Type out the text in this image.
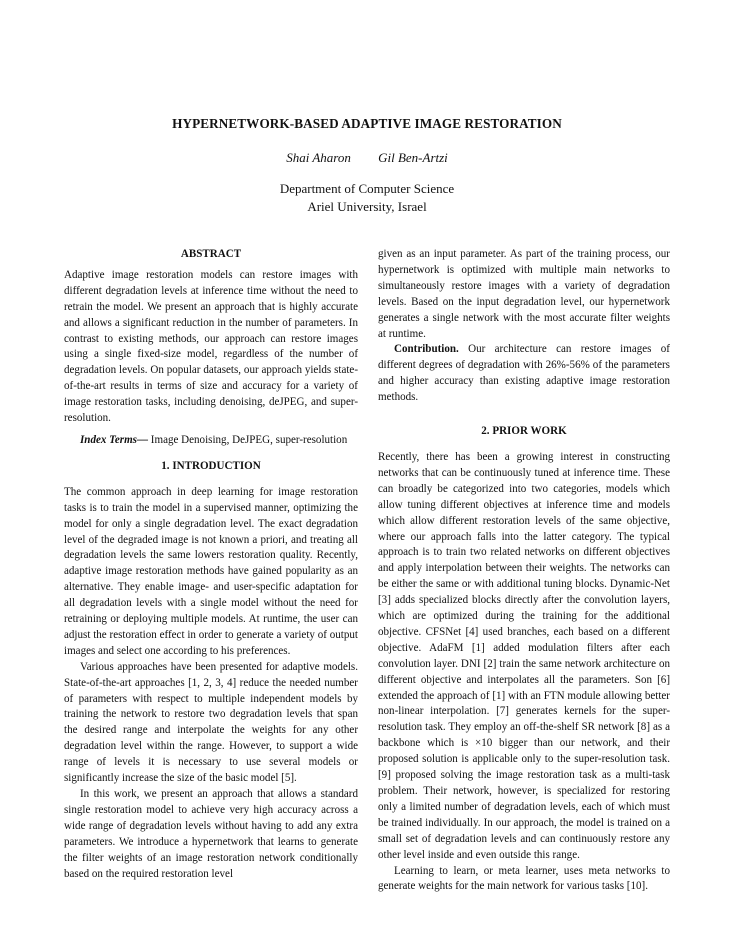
HYPERNETWORK-BASED ADAPTIVE IMAGE RESTORATION
Shai Aharon Gil Ben-Artzi
Department of Computer Science
Ariel University, Israel
ABSTRACT

Adaptive image restoration models can restore images with different degradation levels at inference time without the need to retrain the model. We present an approach that is highly accurate and allows a significant reduction in the number of parameters. In contrast to existing methods, our approach can restore images using a single fixed-size model, regardless of the number of degradation levels. On popular datasets, our approach yields state-of-the-art results in terms of size and accuracy for a variety of image restoration tasks, including denoising, deJPEG, and super-resolution.

Index Terms— Image Denoising, DeJPEG, super-resolution

1. INTRODUCTION

The common approach in deep learning for image restoration tasks is to train the model in a supervised manner, optimizing the model for only a single degradation level. The exact degradation level of the degraded image is not known a priori, and treating all degradation levels the same lowers restoration quality. Recently, adaptive image restoration methods have gained popularity as an alternative. They enable image- and user-specific adaptation for all degradation levels with a single model without the need for retraining or deploying multiple models. At runtime, the user can adjust the restoration effect in order to generate a variety of output images and select one according to his preferences.

Various approaches have been presented for adaptive models. State-of-the-art approaches [1, 2, 3, 4] reduce the needed number of parameters with respect to multiple independent models by training the network to restore two degradation levels that span the desired range and interpolate the weights for any other degradation level within the range. However, to support a wide range of levels it is necessary to use several models or significantly increase the size of the basic model [5].

In this work, we present an approach that allows a standard single restoration model to achieve very high accuracy across a wide range of degradation levels without having to add any extra parameters. We introduce a hypernetwork that learns to generate the filter weights of an image restoration network conditionally based on the required restoration level

given as an input parameter. As part of the training process, our hypernetwork is optimized with multiple main networks to simultaneously restore images with a variety of degradation levels. Based on the input degradation level, our hypernetwork generates a single network with the most accurate filter weights at runtime.

Contribution. Our architecture can restore images of different degrees of degradation with 26%-56% of the parameters and higher accuracy than existing adaptive image restoration methods.

2. PRIOR WORK

Recently, there has been a growing interest in constructing networks that can be continuously tuned at inference time. These can broadly be categorized into two categories, models which allow tuning different objectives at inference time and models which allow different restoration levels of the same objective, where our approach falls into the latter category. The typical approach is to train two related networks on different objectives and apply interpolation between their weights. The networks can be either the same or with additional tuning blocks. Dynamic-Net [3] adds specialized blocks directly after the convolution layers, which are optimized during the training for the additional objective. CFSNet [4] used branches, each based on a different objective. AdaFM [1] added modulation filters after each convolution layer. DNI [2] train the same network architecture on different objective and interpolates all the parameters. Son [6] extended the approach of [1] with an FTN module allowing better non-linear interpolation. [7] generates kernels for the super-resolution task. They employ an off-the-shelf SR network [8] as a backbone which is ×10 bigger than our network, and their proposed solution is applicable only to the super-resolution task. [9] proposed solving the image restoration task as a multi-task problem. Their network, however, is specialized for restoring only a limited number of degradation levels, each of which must be trained individually. In our approach, the model is trained on a small set of degradation levels and can continuously restore any other level inside and even outside this range.

Learning to learn, or meta learner, uses meta networks to generate weights for the main network for various tasks [10].
